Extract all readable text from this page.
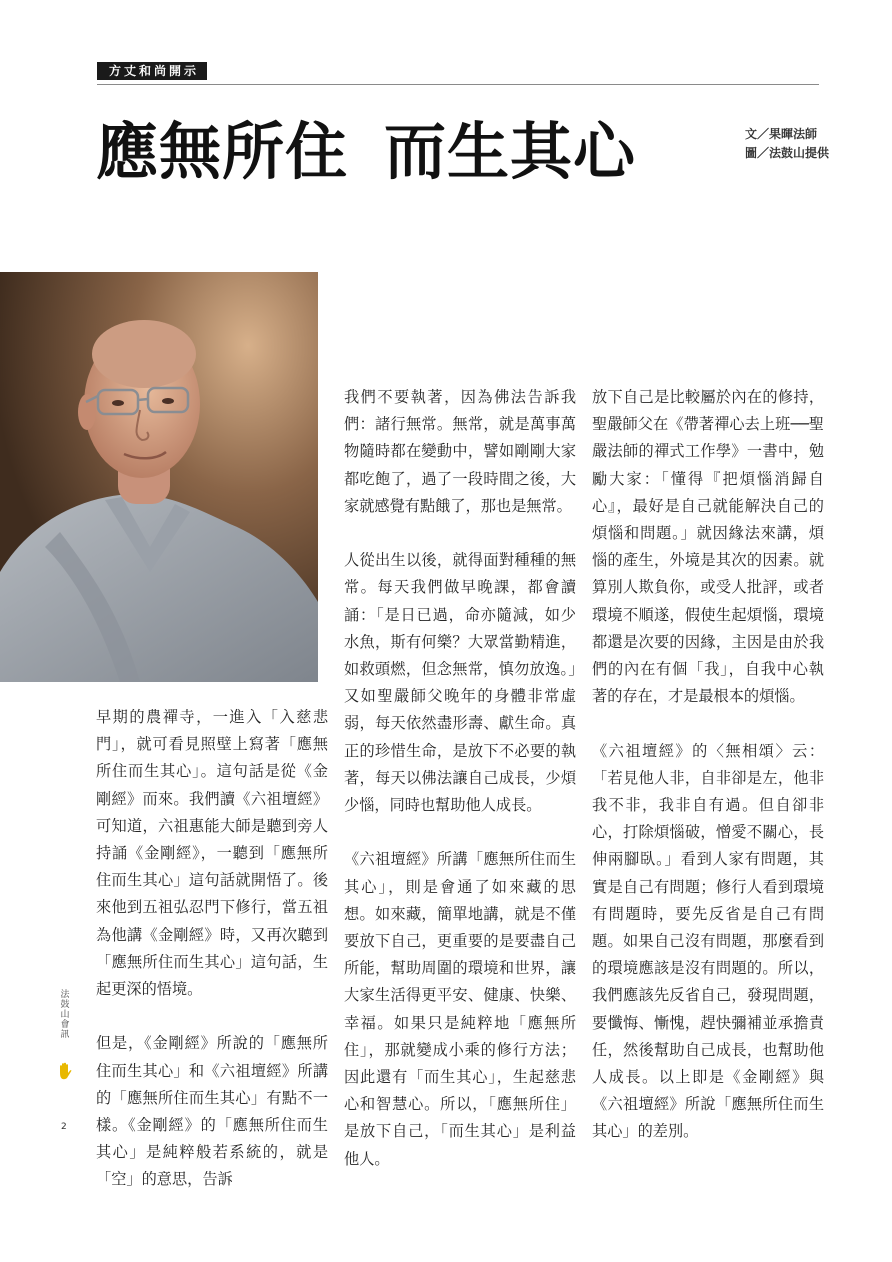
方丈和尚開示
應無所住 而生其心	文／果暉法師
圖／法鼓山提供

早期的農禪寺，一進入「入慈悲門」，就可看見照壁上寫著「應無所住而生其心」。這句話是從《金剛經》而來。我們讀《六祖壇經》可知道，六祖惠能大師是聽到旁人持誦《金剛經》，一聽到「應無所住而生其心」這句話就開悟了。後來他到五祖弘忍門下修行，當五祖為他講《金剛經》時，又再次聽到「應無所住而生其心」這句話，生起更深的悟境。

但是，《金剛經》所說的「應無所住而生其心」和《六祖壇經》所講的「應無所住而生其心」有點不一樣。《金剛經》的「應無所住而生其心」是純粹般若系統的，就是「空」的意思，告訴

我們不要執著，因為佛法告訴我們：諸行無常。無常，就是萬事萬物隨時都在變動中，譬如剛剛大家都吃飽了，過了一段時間之後，大家就感覺有點餓了，那也是無常。

人從出生以後，就得面對種種的無常。每天我們做早晚課，都會讀誦：「是日已過，命亦隨減，如少水魚，斯有何樂？大眾當勤精進，如救頭燃，但念無常，慎勿放逸。」又如聖嚴師父晚年的身體非常虛弱，每天依然盡形壽、獻生命。真正的珍惜生命，是放下不必要的執著，每天以佛法讓自己成長，少煩少惱，同時也幫助他人成長。

《六祖壇經》所講「應無所住而生其心」，則是會通了如來藏的思想。如來藏，簡單地講，就是不僅要放下自己，更重要的是要盡自己所能，幫助周圍的環境和世界，讓大家生活得更平安、健康、快樂、幸福。如果只是純粹地「應無所住」，那就變成小乘的修行方法；因此還有「而生其心」，生起慈悲心和智慧心。所以，「應無所住」是放下自己，「而生其心」是利益他人。

放下自己是比較屬於內在的修持，聖嚴師父在《帶著禪心去上班──聖嚴法師的禪式工作學》一書中，勉勵大家：「懂得『把煩惱消歸自心』，最好是自己就能解決自己的煩惱和問題。」就因緣法來講，煩惱的產生，外境是其次的因素。就算別人欺負你，或受人批評，或者環境不順遂，假使生起煩惱，環境都還是次要的因緣，主因是由於我們的內在有個「我」，自我中心執著的存在，才是最根本的煩惱。

《六祖壇經》的〈無相頌〉云：「若見他人非，自非卻是左，他非我不非，我非自有過。但自卻非心，打除煩惱破，憎愛不關心，長伸兩腳臥。」看到人家有問題，其實是自己有問題；修行人看到環境有問題時，要先反省是自己有問題。如果自己沒有問題，那麼看到的環境應該是沒有問題的。所以，我們應該先反省自己，發現問題，要懺悔、慚愧，趕快彌補並承擔責任，然後幫助自己成長，也幫助他人成長。以上即是《金剛經》與《六祖壇經》所說「應無所住而生其心」的差別。

法鼓山會訊
2
